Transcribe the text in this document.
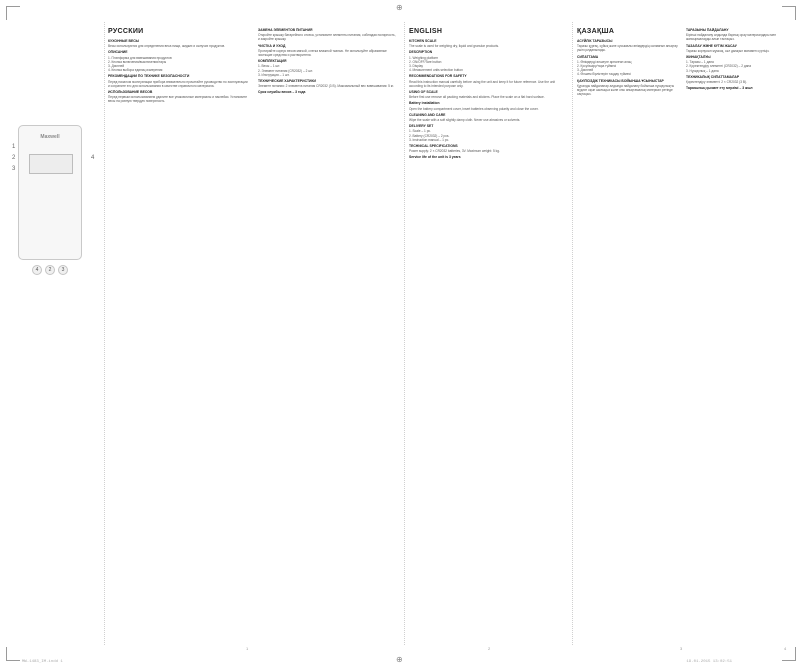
⊕
⊕
MW-1483_IM.indd 1	19.01.2015 13:02:51
Maxwell
1
2
3
4
4	2	3
РУССКИЙ
КУХОННЫЕ ВЕСЫ

Весы используются для определения веса пищи, жидких и сыпучих продуктов.

ОПИСАНИЕ
1. Платформа для взвешивания продуктов
2. Кнопка включения/выключения/тары
3. Дисплей
4. Кнопка выбора единиц измерения
РЕКОМЕНДАЦИИ ПО ТЕХНИКЕ БЕЗОПАСНОСТИ

Перед началом эксплуатации прибора внимательно прочитайте руководство по эксплуатации и сохраните его для использования в качестве справочного материала.

ИСПОЛЬЗОВАНИЕ ВЕСОВ

Перед первым использованием удалите все упаковочные материалы и наклейки. Установите весы на ровную твердую поверхность.

ЗАМЕНА ЭЛЕМЕНТОВ ПИТАНИЯ

Откройте крышку батарейного отсека, установите элементы питания, соблюдая полярность, и закройте крышку.

ЧИСТКА И УХОД

Протирайте корпус весов мягкой, слегка влажной тканью. Не используйте абразивные чистящие средства и растворители.

КОМПЛЕКТАЦИЯ
1. Весы – 1 шт.
2. Элемент питания (CR2032) – 2 шт.
3. Инструкция – 1 шт.
ТЕХНИЧЕСКИЕ ХАРАКТЕРИСТИКИ

Элемент питания: 2 элемента питания CR2032 (3 В). Максимальный вес взвешивания: 5 кг.

Срок службы весов – 3 года
ENGLISH
KITCHEN SCALE

The scale is used for weighing dry, liquid and granular products.

DESCRIPTION
1. Weighing platform
2. ON/OFF/Tare button
3. Display
4. Measurement units selection button
RECOMMENDATIONS FOR SAFETY

Read this instruction manual carefully before using the unit and keep it for future reference. Use the unit according to its intended purpose only.

USING OF SCALE

Before first use remove all packing materials and stickers. Place the scale on a flat hard surface.

Battery installation

Open the battery compartment cover, insert batteries observing polarity and close the cover.

CLEANING AND CARE

Wipe the scale with a soft slightly damp cloth. Never use abrasives or solvents.

DELIVERY SET
1. Scale – 1 pc.
2. Battery (CR2032) – 2 pcs.
3. Instruction manual – 1 pc.
TECHNICAL SPECIFICATIONS

Power supply: 2 × CR2032 batteries, 3V. Maximum weight: 5 kg.

Service life of the unit is 3 years
ҚАЗАҚША
АСҮЙЛІК ТАРАЗЫСЫ

Таразы құрғақ, сұйық және сусымалы өнімдердің салмағын анықтау үшін қолданылады.

СИПАТТАМА
1. Өнімдерді өлшеуге арналған алаң
2. Қосу/өшіру/тара түймесі
3. Дисплей
4. Өлшем бірліктерін таңдау түймесі
ҚАУІПСІЗДІК ТЕХНИКАСЫ БОЙЫНША ҰСЫНЫСТАР

Құралды пайдаланар алдында пайдалану бойынша нұсқаулықты мұқият оқып шығыңыз және оны анықтамалық материал ретінде сақтаңыз.

ТАРАЗЫНЫ ПАЙДАЛАНУ

Бірінші пайдалану алдында барлық орау материалдары мен жапсырмаларды алып тастаңыз.

ТАЗАЛАУ ЖӘНЕ КҮТІМ ЖАСАУ

Таразы корпусын жұмсақ, сәл дымқыл матамен сүртіңіз.

ЖИНАҚТАЛУЫ
1. Таразы – 1 дана
2. Қоректендіру элементі (CR2032) – 2 дана
3. Нұсқаулық – 1 дана
ТЕХНИКАЛЫҚ СИПАТТАМАЛАР

Қоректендіру элементі: 2 × CR2032 (3 В).

Таразының қызмет ету мерзімі – 3 жыл
1	2	3	4
